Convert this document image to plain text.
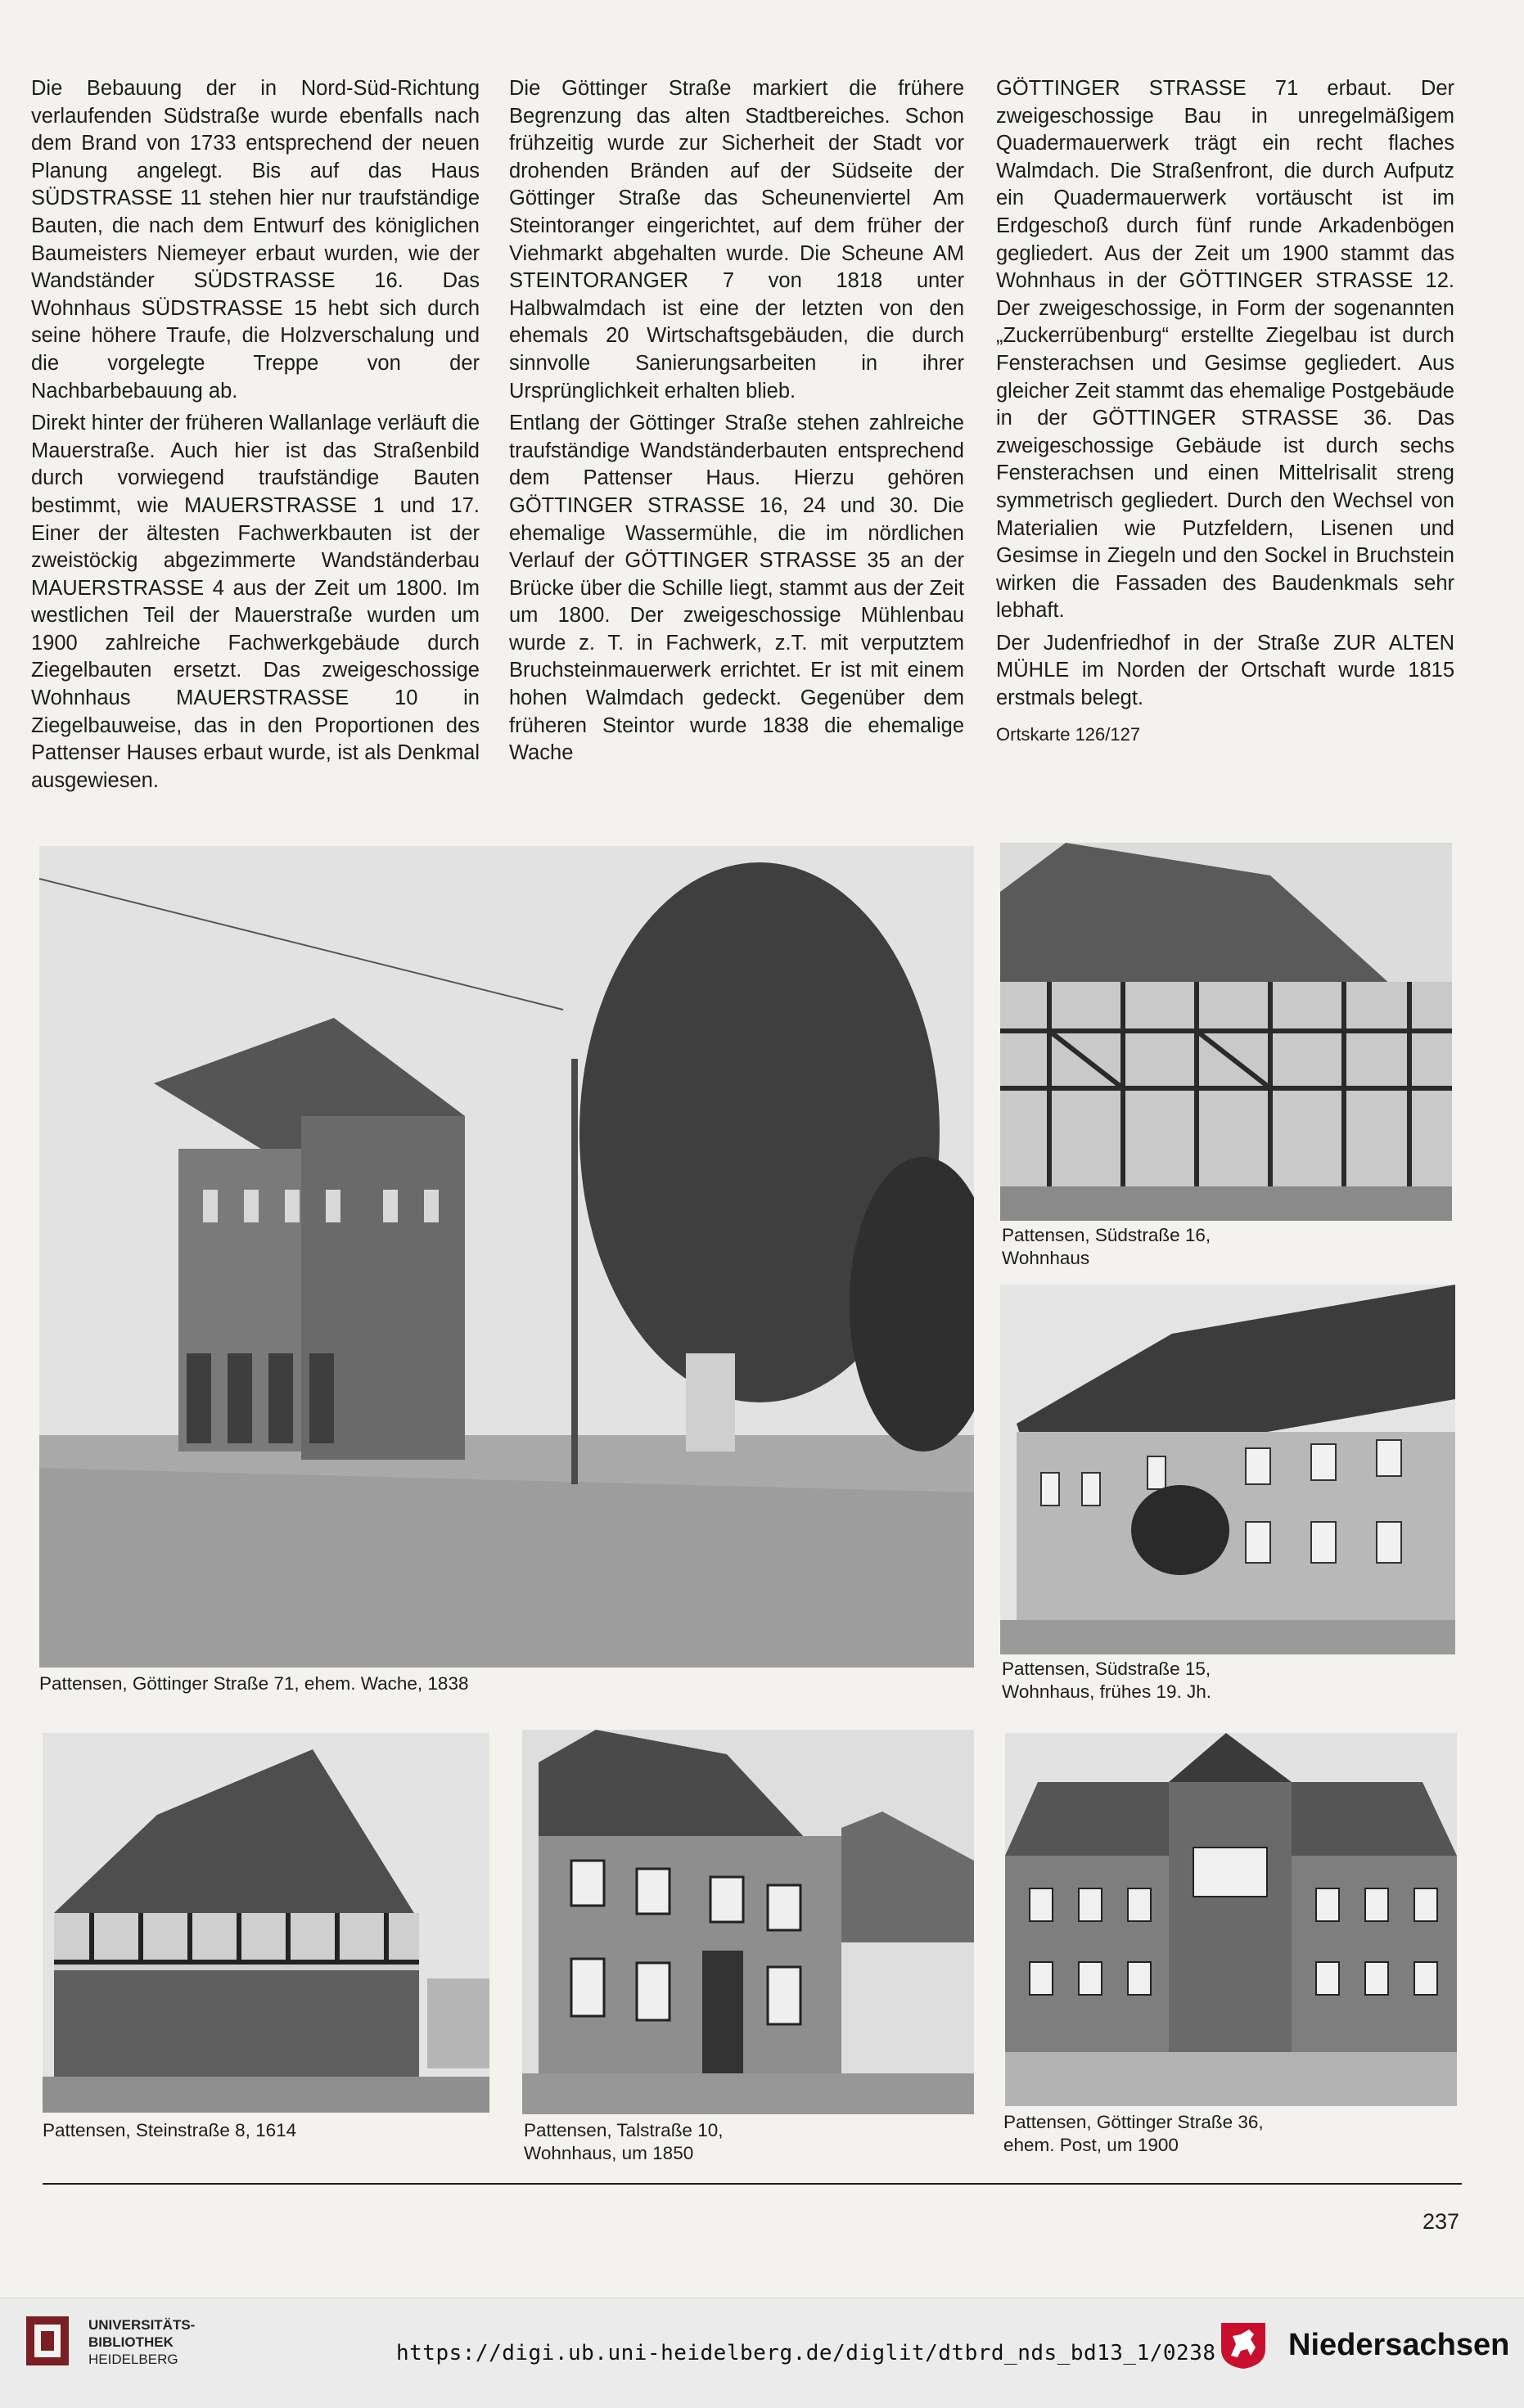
Die Bebauung der in Nord-Süd-Richtung verlaufenden Südstraße wurde ebenfalls nach dem Brand von 1733 entsprechend der neuen Planung angelegt. Bis auf das Haus SÜDSTRASSE 11 stehen hier nur traufständige Bauten, die nach dem Entwurf des königlichen Baumeisters Niemeyer erbaut wurden, wie der Wandständer SÜDSTRASSE 16. Das Wohnhaus SÜDSTRASSE 15 hebt sich durch seine höhere Traufe, die Holzverschalung und die vorgelegte Treppe von der Nachbarbebauung ab.

Direkt hinter der früheren Wallanlage verläuft die Mauerstraße. Auch hier ist das Straßenbild durch vorwiegend traufständige Bauten bestimmt, wie MAUERSTRASSE 1 und 17. Einer der ältesten Fachwerkbauten ist der zweistöckig abgezimmerte Wandständerbau MAUERSTRASSE 4 aus der Zeit um 1800. Im westlichen Teil der Mauerstraße wurden um 1900 zahlreiche Fachwerkgebäude durch Ziegelbauten ersetzt. Das zweigeschossige Wohnhaus MAUERSTRASSE 10 in Ziegelbauweise, das in den Proportionen des Pattenser Hauses erbaut wurde, ist als Denkmal ausgewiesen.

Die Göttinger Straße markiert die frühere Begrenzung das alten Stadtbereiches. Schon frühzeitig wurde zur Sicherheit der Stadt vor drohenden Bränden auf der Südseite der Göttinger Straße das Scheunenviertel Am Steintoranger eingerichtet, auf dem früher der Viehmarkt abgehalten wurde. Die Scheune AM STEINTORANGER 7 von 1818 unter Halbwalmdach ist eine der letzten von den ehemals 20 Wirtschaftsgebäuden, die durch sinnvolle Sanierungsarbeiten in ihrer Ursprünglichkeit erhalten blieb.

Entlang der Göttinger Straße stehen zahlreiche traufständige Wandständerbauten entsprechend dem Pattenser Haus. Hierzu gehören GÖTTINGER STRASSE 16, 24 und 30. Die ehemalige Wassermühle, die im nördlichen Verlauf der GÖTTINGER STRASSE 35 an der Brücke über die Schille liegt, stammt aus der Zeit um 1800. Der zweigeschossige Mühlenbau wurde z. T. in Fachwerk, z.T. mit verputztem Bruchsteinmauerwerk errichtet. Er ist mit einem hohen Walmdach gedeckt. Gegenüber dem früheren Steintor wurde 1838 die ehemalige Wache

GÖTTINGER STRASSE 71 erbaut. Der zweigeschossige Bau in unregelmäßigem Quadermauerwerk trägt ein recht flaches Walmdach. Die Straßenfront, die durch Aufputz ein Quadermauerwerk vortäuscht ist im Erdgeschoß durch fünf runde Arkadenbögen gegliedert. Aus der Zeit um 1900 stammt das Wohnhaus in der GÖTTINGER STRASSE 12. Der zweigeschossige, in Form der sogenannten „Zuckerrübenburg“ erstellte Ziegelbau ist durch Fensterachsen und Gesimse gegliedert. Aus gleicher Zeit stammt das ehemalige Postgebäude in der GÖTTINGER STRASSE 36. Das zweigeschossige Gebäude ist durch sechs Fensterachsen und einen Mittelrisalit streng symmetrisch gegliedert. Durch den Wechsel von Materialien wie Putzfeldern, Lisenen und Gesimse in Ziegeln und den Sockel in Bruchstein wirken die Fassaden des Baudenkmals sehr lebhaft.

Der Judenfriedhof in der Straße ZUR ALTEN MÜHLE im Norden der Ortschaft wurde 1815 erstmals belegt.

Ortskarte 126/127

Pattensen, Göttinger Straße 71, ehem. Wache, 1838
Pattensen, Südstraße 16,
Wohnhaus
Pattensen, Südstraße 15,
Wohnhaus, frühes 19. Jh.
Pattensen, Steinstraße 8, 1614	Pattensen, Talstraße 10,
Wohnhaus, um 1850
Pattensen, Göttinger Straße 36,
ehem. Post, um 1900
237
UNIVERSITÄTS-
BIBLIOTHEK
HEIDELBERG	https://digi.ub.uni-heidelberg.de/diglit/dtbrd_nds_bd13_1/0238 Niedersachsen
